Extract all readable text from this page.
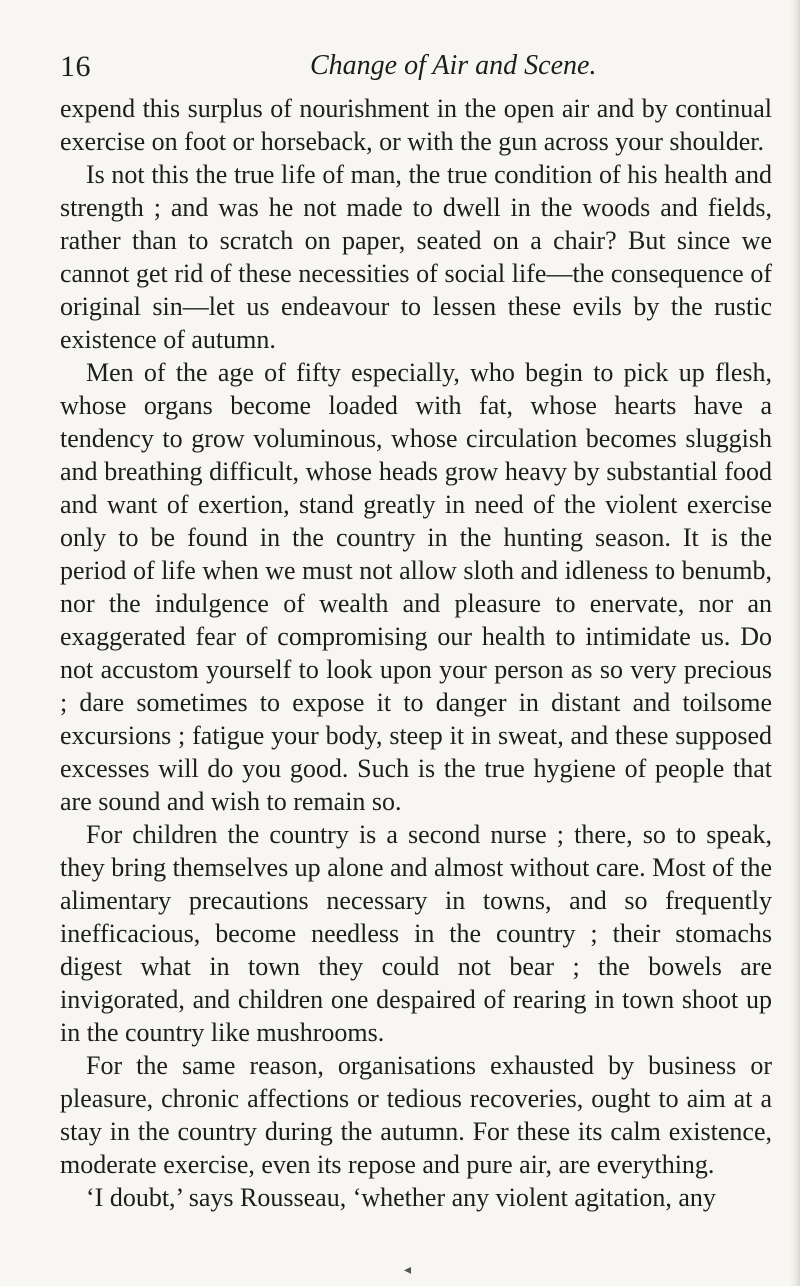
16	Change of Air and Scene.

expend this surplus of nourishment in the open air and by continual exercise on foot or horseback, or with the gun across your shoulder.

Is not this the true life of man, the true condition of his health and strength ; and was he not made to dwell in the woods and fields, rather than to scratch on paper, seated on a chair? But since we cannot get rid of these necessities of social life—the consequence of original sin—let us endeavour to lessen these evils by the rustic existence of autumn.

Men of the age of fifty especially, who begin to pick up flesh, whose organs become loaded with fat, whose hearts have a tendency to grow voluminous, whose circulation becomes sluggish and breathing difficult, whose heads grow heavy by substantial food and want of exertion, stand greatly in need of the violent exercise only to be found in the country in the hunting season. It is the period of life when we must not allow sloth and idleness to benumb, nor the indulgence of wealth and pleasure to enervate, nor an exaggerated fear of compromising our health to intimidate us. Do not accustom yourself to look upon your person as so very precious ; dare sometimes to expose it to danger in distant and toilsome excursions ; fatigue your body, steep it in sweat, and these supposed excesses will do you good. Such is the true hygiene of people that are sound and wish to remain so.

For children the country is a second nurse ; there, so to speak, they bring themselves up alone and almost without care. Most of the alimentary precautions necessary in towns, and so frequently inefficacious, become needless in the country ; their stomachs digest what in town they could not bear ; the bowels are invigorated, and children one despaired of rearing in town shoot up in the country like mushrooms.

For the same reason, organisations exhausted by business or pleasure, chronic affections or tedious recoveries, ought to aim at a stay in the country during the autumn. For these its calm existence, moderate exercise, even its repose and pure air, are everything.

‘I doubt,’ says Rousseau, ‘whether any violent agitation, any

◂
